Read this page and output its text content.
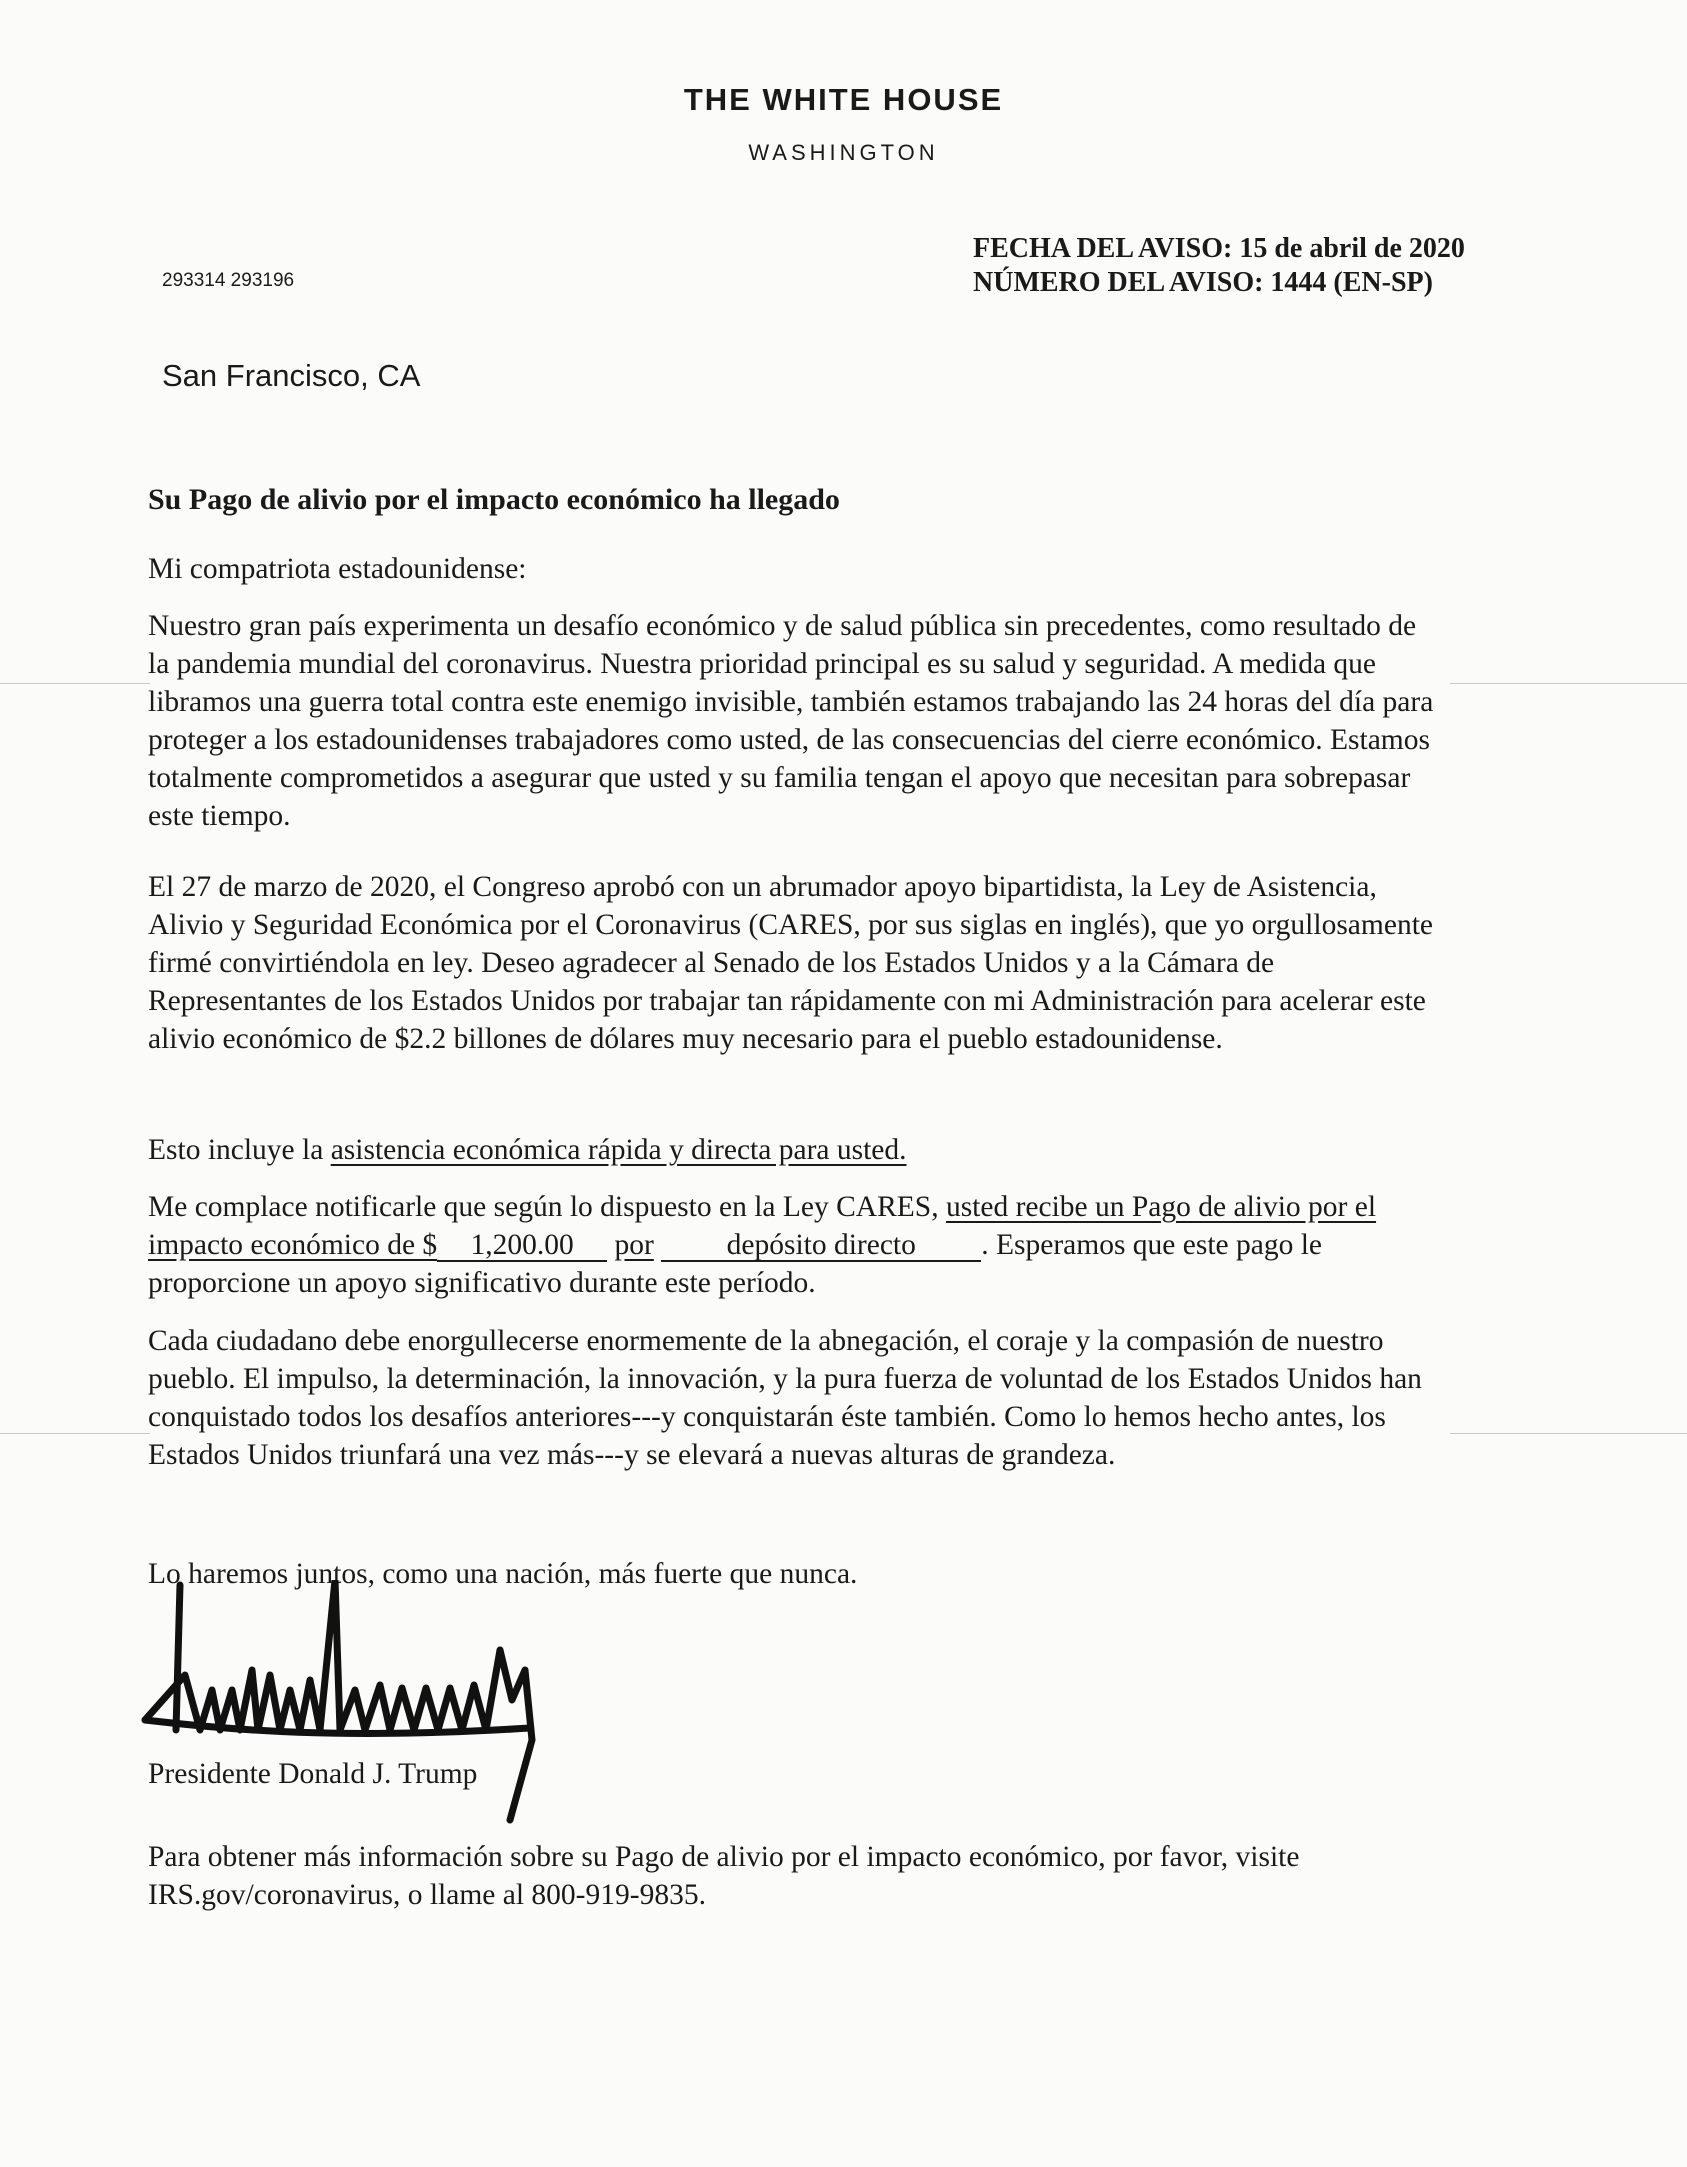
THE WHITE HOUSE
WASHINGTON
FECHA DEL AVISO: 15 de abril de 2020
NÚMERO DEL AVISO: 1444 (EN-SP)
293314 293196
San Francisco, CA
Su Pago de alivio por el impacto económico ha llegado
Mi compatriota estadounidense:
Nuestro gran país experimenta un desafío económico y de salud pública sin precedentes, como resultado de la pandemia mundial del coronavirus. Nuestra prioridad principal es su salud y seguridad. A medida que libramos una guerra total contra este enemigo invisible, también estamos trabajando las 24 horas del día para proteger a los estadounidenses trabajadores como usted, de las consecuencias del cierre económico. Estamos totalmente comprometidos a asegurar que usted y su familia tengan el apoyo que necesitan para sobrepasar este tiempo.
El 27 de marzo de 2020, el Congreso aprobó con un abrumador apoyo bipartidista, la Ley de Asistencia, Alivio y Seguridad Económica por el Coronavirus (CARES, por sus siglas en inglés), que yo orgullosamente firmé convirtiéndola en ley. Deseo agradecer al Senado de los Estados Unidos y a la Cámara de Representantes de los Estados Unidos por trabajar tan rápidamente con mi Administración para acelerar este alivio económico de $2.2 billones de dólares muy necesario para el pueblo estadounidense.
Esto incluye la asistencia económica rápida y directa para usted.
Me complace notificarle que según lo dispuesto en la Ley CARES, usted recibe un Pago de alivio por el impacto económico de $ 1,200.00 por depósito directo . Esperamos que este pago le proporcione un apoyo significativo durante este período.
Cada ciudadano debe enorgullecerse enormemente de la abnegación, el coraje y la compasión de nuestro pueblo. El impulso, la determinación, la innovación, y la pura fuerza de voluntad de los Estados Unidos han conquistado todos los desafíos anteriores---y conquistarán éste también. Como lo hemos hecho antes, los Estados Unidos triunfará una vez más---y se elevará a nuevas alturas de grandeza.
Lo haremos juntos, como una nación, más fuerte que nunca.
Presidente Donald J. Trump
Para obtener más información sobre su Pago de alivio por el impacto económico, por favor, visite IRS.gov/coronavirus, o llame al 800-919-9835.
